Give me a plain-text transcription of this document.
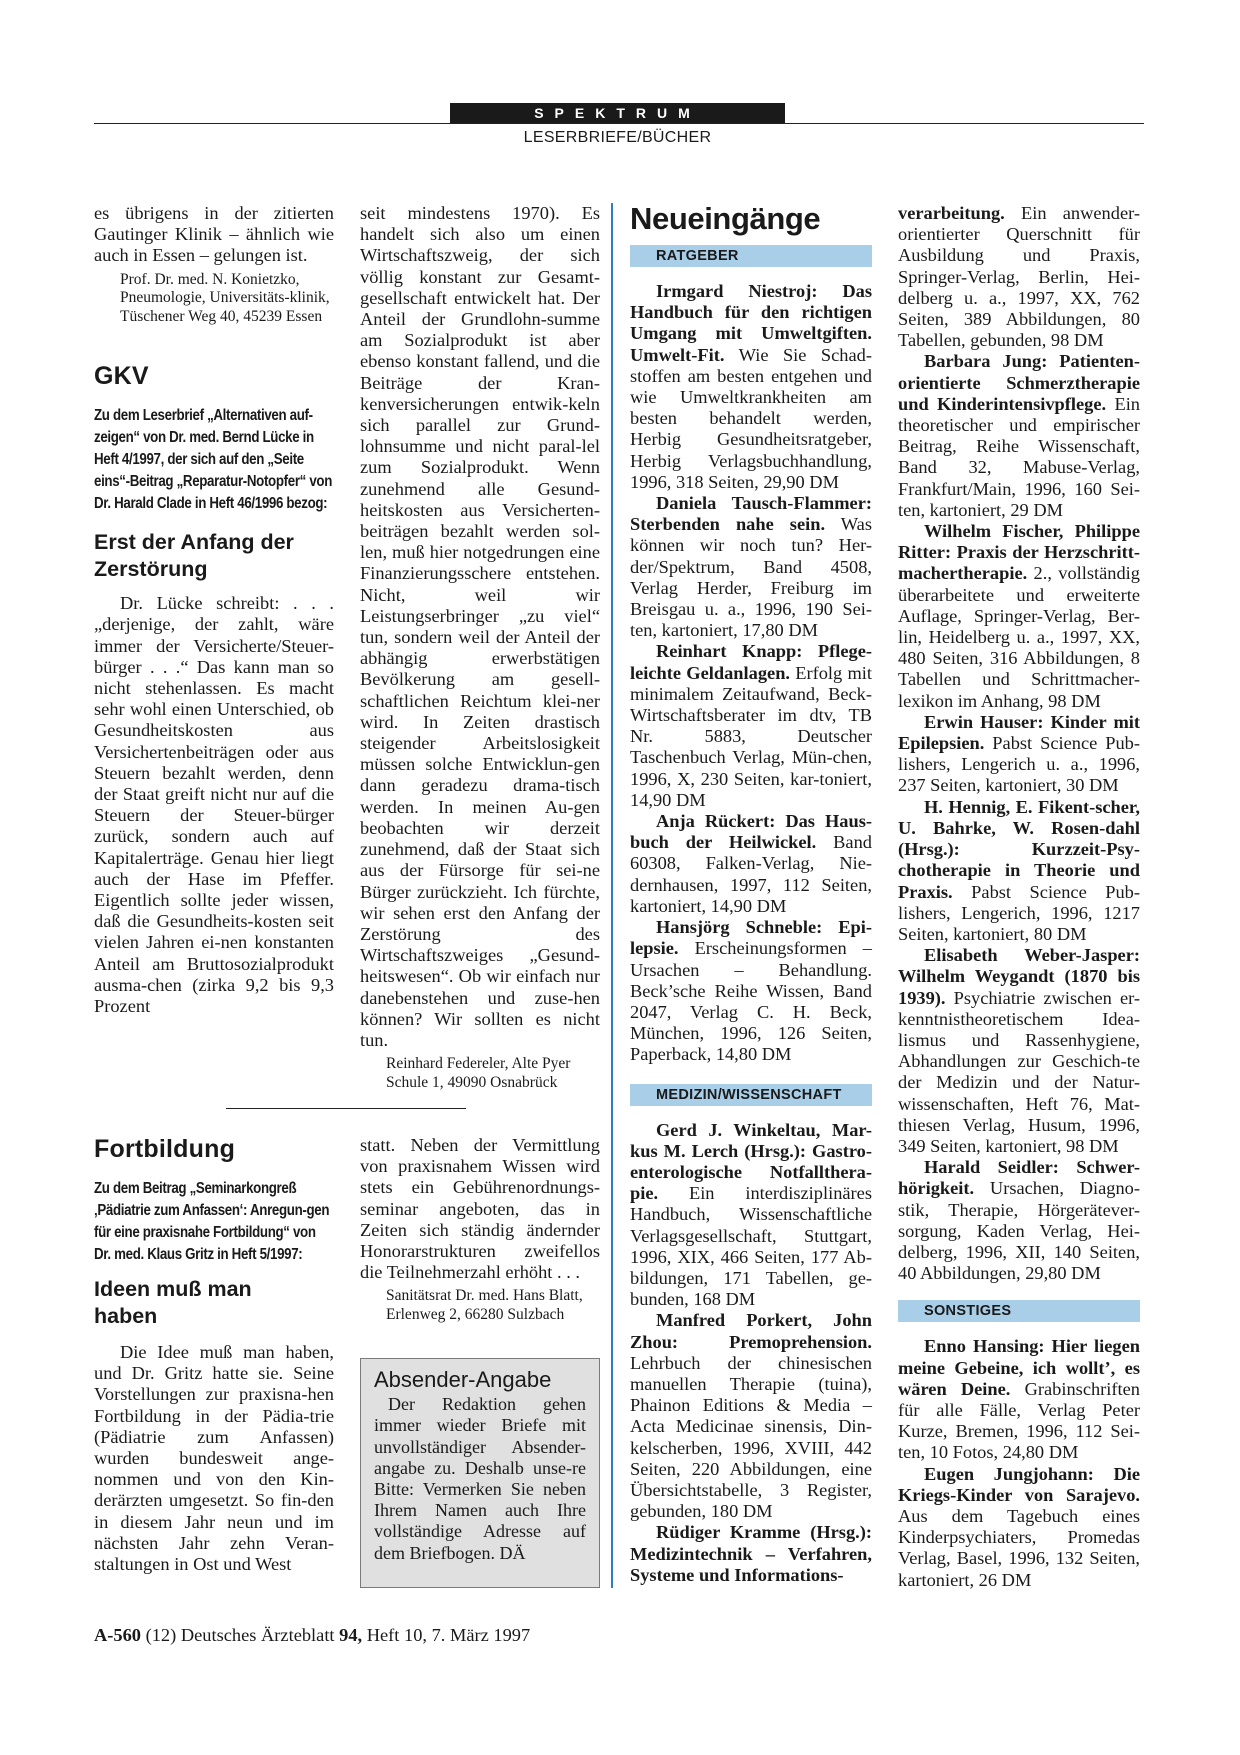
SPEKTRUM
LESERBRIEFE/BÜCHER

es übrigens in der zitierten Gautinger Klinik – ähnlich wie auch in Essen – gelungen ist.

Prof. Dr. med. N. Konietzko, Pneumologie, Universitäts-klinik, Tüschener Weg 40, 45239 Essen

GKV

Zu dem Leserbrief „Alternativen auf-zeigen“ von Dr. med. Bernd Lücke in Heft 4/1997, der sich auf den „Seite eins“-Beitrag „Reparatur-Notopfer“ von Dr. Harald Clade in Heft 46/1996 bezog:

Erst der Anfang der Zerstörung

Dr. Lücke schreibt: . . . „derjenige, der zahlt, wäre immer der Versicherte/Steuer-bürger . . .“ Das kann man so nicht stehenlassen. Es macht sehr wohl einen Unterschied, ob Gesundheitskosten aus Versichertenbeiträgen oder aus Steuern bezahlt werden, denn der Staat greift nicht nur auf die Steuern der Steuer-bürger zurück, sondern auch auf Kapitalerträge. Genau hier liegt auch der Hase im Pfeffer. Eigentlich sollte jeder wissen, daß die Gesundheits-kosten seit vielen Jahren ei-nen konstanten Anteil am Bruttosozialprodukt ausma-chen (zirka 9,2 bis 9,3 Prozent

seit mindestens 1970). Es handelt sich also um einen Wirtschaftszweig, der sich völlig konstant zur Gesamt-gesellschaft entwickelt hat. Der Anteil der Grundlohn-summe am Sozialprodukt ist aber ebenso konstant fallend, und die Beiträge der Kran-kenversicherungen entwik-keln sich parallel zur Grund-lohnsumme und nicht paral-lel zum Sozialprodukt. Wenn zunehmend alle Gesund-heitskosten aus Versicherten-beiträgen bezahlt werden sol-len, muß hier notgedrungen eine Finanzierungsschere entstehen. Nicht, weil wir Leistungserbringer „zu viel“ tun, sondern weil der Anteil der abhängig erwerbstätigen Bevölkerung am gesell-schaftlichen Reichtum klei-ner wird. In Zeiten drastisch steigender Arbeitslosigkeit müssen solche Entwicklun-gen dann geradezu drama-tisch werden. In meinen Au-gen beobachten wir derzeit zunehmend, daß der Staat sich aus der Fürsorge für sei-ne Bürger zurückzieht. Ich fürchte, wir sehen erst den Anfang der Zerstörung des Wirtschaftszweiges „Gesund-heitswesen“. Ob wir einfach nur danebenstehen und zuse-hen können? Wir sollten es nicht tun.

Reinhard Federeler, Alte Pyer Schule 1, 49090 Osnabrück

Fortbildung

Zu dem Beitrag „Seminarkongreß ‚Pädiatrie zum Anfassen‘: Anregun-gen für eine praxisnahe Fortbildung“ von Dr. med. Klaus Gritz in Heft 5/1997:

Ideen muß man haben

Die Idee muß man haben, und Dr. Gritz hatte sie. Seine Vorstellungen zur praxisna-hen Fortbildung in der Pädia-trie (Pädiatrie zum Anfassen) wurden bundesweit ange-nommen und von den Kin-derärzten umgesetzt. So fin-den in diesem Jahr neun und im nächsten Jahr zehn Veran-staltungen in Ost und West

statt. Neben der Vermittlung von praxisnahem Wissen wird stets ein Gebührenordnungs-seminar angeboten, das in Zeiten sich ständig ändernder Honorarstrukturen zweifellos die Teilnehmerzahl erhöht . . .

Sanitätsrat Dr. med. Hans Blatt, Erlenweg 2, 66280 Sulzbach

Absender-Angabe

Der Redaktion gehen immer wieder Briefe mit unvollständiger Absender-angabe zu. Deshalb unse-re Bitte: Vermerken Sie neben Ihrem Namen auch Ihre vollständige Adresse auf dem Briefbogen. DÄ

Neueingänge
RATGEBER

Irmgard Niestroj: Das Handbuch für den richtigen Umgang mit Umweltgiften. Umwelt-Fit. Wie Sie Schad-stoffen am besten entgehen und wie Umweltkrankheiten am besten behandelt werden, Herbig Gesundheitsratgeber, Herbig Verlagsbuchhandlung, 1996, 318 Seiten, 29,90 DM

Daniela Tausch-Flammer: Sterbenden nahe sein. Was können wir noch tun? Her-der/Spektrum, Band 4508, Verlag Herder, Freiburg im Breisgau u. a., 1996, 190 Sei-ten, kartoniert, 17,80 DM

Reinhart Knapp: Pflege-leichte Geldanlagen. Erfolg mit minimalem Zeitaufwand, Beck-Wirtschaftsberater im dtv, TB Nr. 5883, Deutscher Taschenbuch Verlag, Mün-chen, 1996, X, 230 Seiten, kar-toniert, 14,90 DM

Anja Rückert: Das Haus-buch der Heilwickel. Band 60308, Falken-Verlag, Nie-dernhausen, 1997, 112 Seiten, kartoniert, 14,90 DM

Hansjörg Schneble: Epi-lepsie. Erscheinungsformen – Ursachen – Behandlung. Beck’sche Reihe Wissen, Band 2047, Verlag C. H. Beck, München, 1996, 126 Seiten, Paperback, 14,80 DM

MEDIZIN/WISSENSCHAFT

Gerd J. Winkeltau, Mar-kus M. Lerch (Hrsg.): Gastro-enterologische Notfallthera-pie. Ein interdisziplinäres Handbuch, Wissenschaftliche Verlagsgesellschaft, Stuttgart, 1996, XIX, 466 Seiten, 177 Ab-bildungen, 171 Tabellen, ge-bunden, 168 DM

Manfred Porkert, John Zhou: Premoprehension. Lehrbuch der chinesischen manuellen Therapie (tuina), Phainon Editions & Media – Acta Medicinae sinensis, Din-kelscherben, 1996, XVIII, 442 Seiten, 220 Abbildungen, eine Übersichtstabelle, 3 Register, gebunden, 180 DM

Rüdiger Kramme (Hrsg.): Medizintechnik – Verfahren, Systeme und Informations-

verarbeitung. Ein anwender-orientierter Querschnitt für Ausbildung und Praxis, Springer-Verlag, Berlin, Hei-delberg u. a., 1997, XX, 762 Seiten, 389 Abbildungen, 80 Tabellen, gebunden, 98 DM

Barbara Jung: Patienten-orientierte Schmerztherapie und Kinderintensivpflege. Ein theoretischer und empirischer Beitrag, Reihe Wissenschaft, Band 32, Mabuse-Verlag, Frankfurt/Main, 1996, 160 Sei-ten, kartoniert, 29 DM

Wilhelm Fischer, Philippe Ritter: Praxis der Herzschritt-machertherapie. 2., vollständig überarbeitete und erweiterte Auflage, Springer-Verlag, Ber-lin, Heidelberg u. a., 1997, XX, 480 Seiten, 316 Abbildungen, 8 Tabellen und Schrittmacher-lexikon im Anhang, 98 DM

Erwin Hauser: Kinder mit Epilepsien. Pabst Science Pub-lishers, Lengerich u. a., 1996, 237 Seiten, kartoniert, 30 DM

H. Hennig, E. Fikent-scher, U. Bahrke, W. Rosen-dahl (Hrsg.): Kurzzeit-Psy-chotherapie in Theorie und Praxis. Pabst Science Pub-lishers, Lengerich, 1996, 1217 Seiten, kartoniert, 80 DM

Elisabeth Weber-Jasper: Wilhelm Weygandt (1870 bis 1939). Psychiatrie zwischen er-kenntnistheoretischem Idea-lismus und Rassenhygiene, Abhandlungen zur Geschich-te der Medizin und der Natur-wissenschaften, Heft 76, Mat-thiesen Verlag, Husum, 1996, 349 Seiten, kartoniert, 98 DM

Harald Seidler: Schwer-hörigkeit. Ursachen, Diagno-stik, Therapie, Hörgerätever-sorgung, Kaden Verlag, Hei-delberg, 1996, XII, 140 Seiten, 40 Abbildungen, 29,80 DM

SONSTIGES

Enno Hansing: Hier liegen meine Gebeine, ich wollt’, es wären Deine. Grabinschriften für alle Fälle, Verlag Peter Kurze, Bremen, 1996, 112 Sei-ten, 10 Fotos, 24,80 DM

Eugen Jungjohann: Die Kriegs-Kinder von Sarajevo. Aus dem Tagebuch eines Kinderpsychiaters, Promedas Verlag, Basel, 1996, 132 Seiten, kartoniert, 26 DM

A-560 (12) Deutsches Ärzteblatt 94, Heft 10, 7. März 1997
